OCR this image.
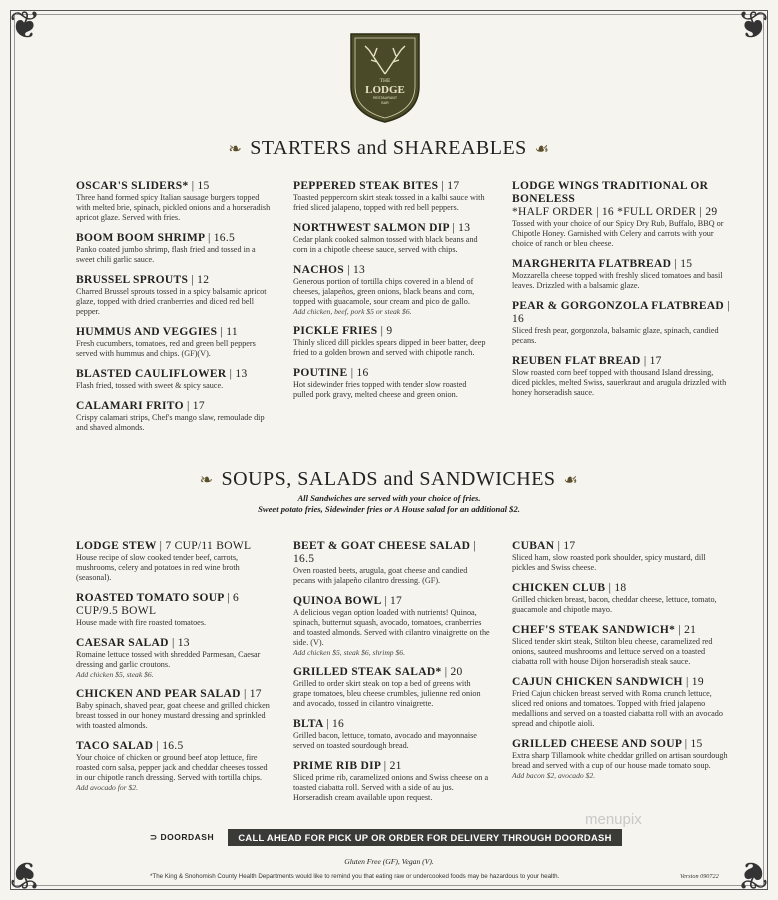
❦	❦
❦	❦
THE
LODGE
RESTAURANT
BAR
❧ STARTERS and SHAREABLES ☙
OSCAR'S SLIDERS* | 15
Three hand formed spicy Italian sausage burgers topped with melted brie, spinach, pickled onions and a horseradish apricot glaze. Served with fries.
BOOM BOOM SHRIMP | 16.5
Panko coated jumbo shrimp, flash fried and tossed in a sweet chili garlic sauce.
BRUSSEL SPROUTS | 12
Charred Brussel sprouts tossed in a spicy balsamic apricot glaze, topped with dried cranberries and diced red bell pepper.
HUMMUS AND VEGGIES | 11
Fresh cucumbers, tomatoes, red and green bell peppers served with hummus and chips. (GF)(V).
BLASTED CAULIFLOWER | 13
Flash fried, tossed with sweet & spicy sauce.
CALAMARI FRITO | 17
Crispy calamari strips, Chef's mango slaw, remoulade dip and shaved almonds.
PEPPERED STEAK BITES | 17
Toasted peppercorn skirt steak tossed in a kalbi sauce with fried sliced jalapeno, topped with red bell peppers.
NORTHWEST SALMON DIP | 13
Cedar plank cooked salmon tossed with black beans and corn in a chipotle cheese sauce, served with chips.
NACHOS | 13
Generous portion of tortilla chips covered in a blend of cheeses, jalapeños, green onions, black beans and corn, topped with guacamole, sour cream and pico de gallo.
Add chicken, beef, pork $5 or steak $6.
PICKLE FRIES | 9
Thinly sliced dill pickles spears dipped in beer batter, deep fried to a golden brown and served with chipotle ranch.
POUTINE | 16
Hot sidewinder fries topped with tender slow roasted pulled pork gravy, melted cheese and green onion.
LODGE WINGS TRADITIONAL OR BONELESS
*HALF ORDER | 16 *FULL ORDER | 29
Tossed with your choice of our Spicy Dry Rub, Buffalo, BBQ or Chipotle Honey. Garnished with Celery and carrots with your choice of ranch or bleu cheese.
MARGHERITA FLATBREAD | 15
Mozzarella cheese topped with freshly sliced tomatoes and basil leaves. Drizzled with a balsamic glaze.
PEAR & GORGONZOLA FLATBREAD | 16
Sliced fresh pear, gorgonzola, balsamic glaze, spinach, candied pecans.
REUBEN FLAT BREAD | 17
Slow roasted corn beef topped with thousand Island dressing, diced pickles, melted Swiss, sauerkraut and arugula drizzled with honey horseradish sauce.
❧ SOUPS, SALADS and SANDWICHES ☙
All Sandwiches are served with your choice of fries.
Sweet potato fries, Sidewinder fries or A House salad for an additional $2.
LODGE STEW | 7 CUP/11 BOWL
House recipe of slow cooked tender beef, carrots, mushrooms, celery and potatoes in red wine broth (seasonal).
ROASTED TOMATO SOUP | 6 CUP/9.5 BOWL
House made with fire roasted tomatoes.
CAESAR SALAD | 13
Romaine lettuce tossed with shredded Parmesan, Caesar dressing and garlic croutons.
Add chicken $5, steak $6.
CHICKEN AND PEAR SALAD | 17
Baby spinach, shaved pear, goat cheese and grilled chicken breast tossed in our honey mustard dressing and sprinkled with toasted almonds.
TACO SALAD | 16.5
Your choice of chicken or ground beef atop lettuce, fire roasted corn salsa, pepper jack and cheddar cheeses tossed in our chipotle ranch dressing. Served with tortilla chips.
Add avocado for $2.
BEET & GOAT CHEESE SALAD | 16.5
Oven roasted beets, arugula, goat cheese and candied pecans with jalapeño cilantro dressing. (GF).
QUINOA BOWL | 17
A delicious vegan option loaded with nutrients! Quinoa, spinach, butternut squash, avocado, tomatoes, cranberries and toasted almonds. Served with cilantro vinaigrette on the side. (V).
Add chicken $5, steak $6, shrimp $6.
GRILLED STEAK SALAD* | 20
Grilled to order skirt steak on top a bed of greens with grape tomatoes, bleu cheese crumbles, julienne red onion and avocado, tossed in cilantro vinaigrette.
BLTA | 16
Grilled bacon, lettuce, tomato, avocado and mayonnaise served on toasted sourdough bread.
PRIME RIB DIP | 21
Sliced prime rib, caramelized onions and Swiss cheese on a toasted ciabatta roll. Served with a side of au jus. Horseradish cream available upon request.
CUBAN | 17
Sliced ham, slow roasted pork shoulder, spicy mustard, dill pickles and Swiss cheese.
CHICKEN CLUB | 18
Grilled chicken breast, bacon, cheddar cheese, lettuce, tomato, guacamole and chipotle mayo.
CHEF'S STEAK SANDWICH* | 21
Sliced tender skirt steak, Stilton bleu cheese, caramelized red onions, sauteed mushrooms and lettuce served on a toasted ciabatta roll with house Dijon horseradish steak sauce.
CAJUN CHICKEN SANDWICH | 19
Fried Cajun chicken breast served with Roma crunch lettuce, sliced red onions and tomatoes. Topped with fried jalapeno medallions and served on a toasted ciabatta roll with an avocado spread and chipotle aioli.
GRILLED CHEESE AND SOUP | 15
Extra sharp Tillamook white cheddar grilled on artisan sourdough bread and served with a cup of our house made tomato soup.
Add bacon $2, avocado $2.
⊃ DOORDASH	CALL AHEAD FOR PICK UP OR ORDER FOR DELIVERY THROUGH DOORDASH
menupix
Gluten Free (GF), Vegan (V).
*The King & Snohomish County Health Departments would like to remind you that eating raw or undercooked foods may be hazardous to your health.	Version 090722
